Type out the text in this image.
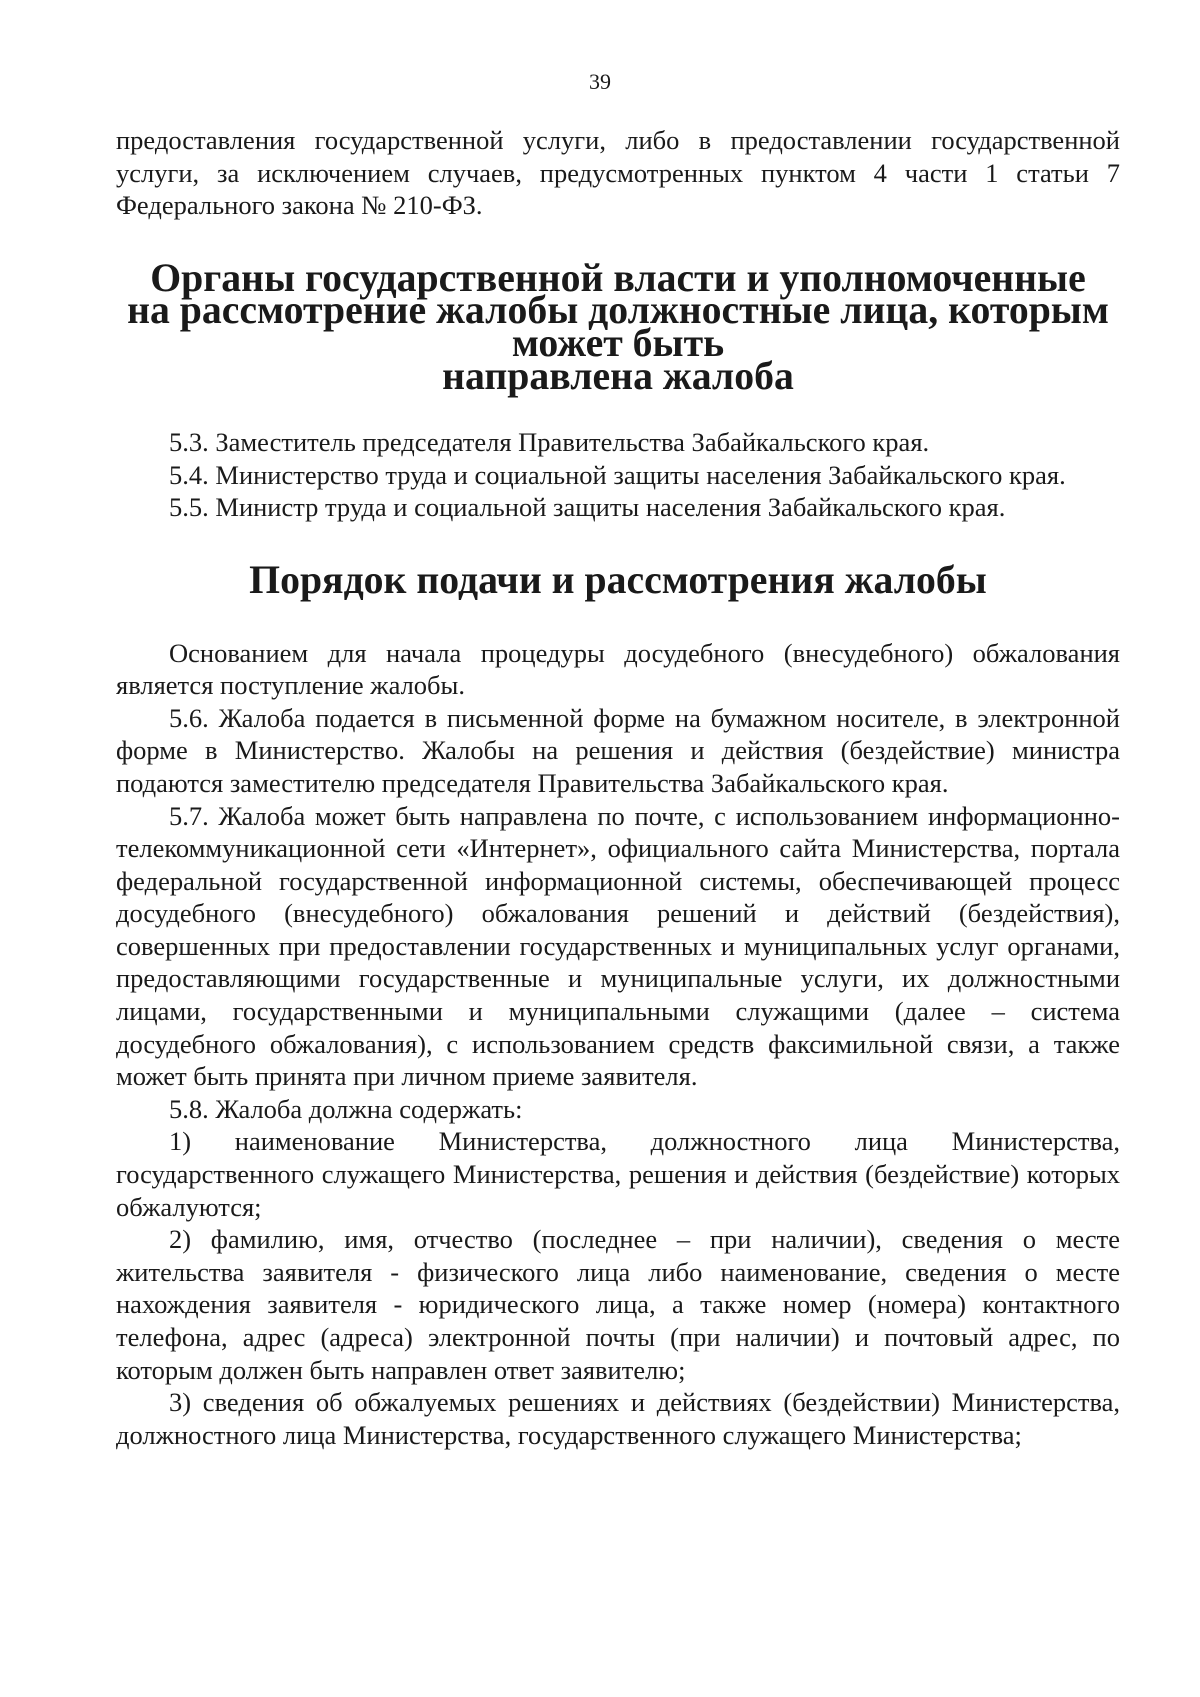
39

предоставления государственной услуги, либо в предоставлении государственной услуги, за исключением случаев, предусмотренных пунктом 4 части 1 статьи 7 Федерального закона № 210-ФЗ.

Органы государственной власти и уполномоченные
на рассмотрение жалобы должностные лица, которым может быть
направлена жалоба

5.3. Заместитель председателя Правительства Забайкальского края.

5.4. Министерство труда и социальной защиты населения Забайкальского края.

5.5. Министр труда и социальной защиты населения Забайкальского края.

Порядок подачи и рассмотрения жалобы

Основанием для начала процедуры досудебного (внесудебного) обжалования является поступление жалобы.

5.6. Жалоба подается в письменной форме на бумажном носителе, в электронной форме в Министерство. Жалобы на решения и действия (бездействие) министра подаются заместителю председателя Правительства Забайкальского края.

5.7. Жалоба может быть направлена по почте, с использованием информационно-телекоммуникационной сети «Интернет», официального сайта Министерства, портала федеральной государственной информационной системы, обеспечивающей процесс досудебного (внесудебного) обжалования решений и действий (бездействия), совершенных при предоставлении государственных и муниципальных услуг органами, предоставляющими государственные и муниципальные услуги, их должностными лицами, государственными и муниципальными служащими (далее – система досудебного обжалования), с использованием средств факсимильной связи, а также может быть принята при личном приеме заявителя.

5.8. Жалоба должна содержать:

1) наименование Министерства, должностного лица Министерства, государственного служащего Министерства, решения и действия (бездействие) которых обжалуются;

2) фамилию, имя, отчество (последнее – при наличии), сведения о месте жительства заявителя - физического лица либо наименование, сведения о месте нахождения заявителя - юридического лица, а также номер (номера) контактного телефона, адрес (адреса) электронной почты (при наличии) и почтовый адрес, по которым должен быть направлен ответ заявителю;

3) сведения об обжалуемых решениях и действиях (бездействии) Министерства, должностного лица Министерства, государственного служащего Министерства;
